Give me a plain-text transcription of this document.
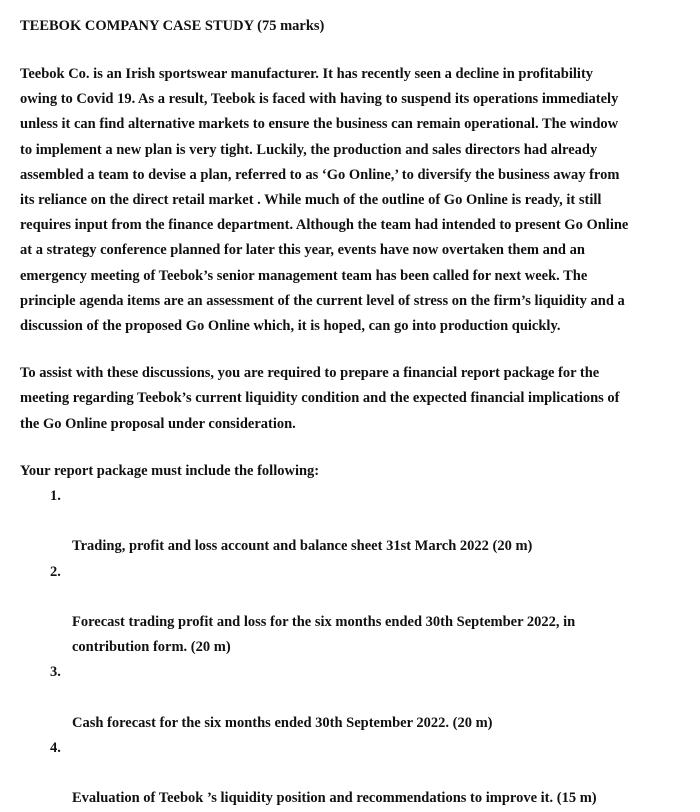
TEEBOK COMPANY CASE STUDY (75 marks)

Teebok Co. is an Irish sportswear manufacturer. It has recently seen a decline in profitability
owing to Covid 19. As a result, Teebok is faced with having to suspend its operations immediately
unless it can find alternative markets to ensure the business can remain operational. The window
to implement a new plan is very tight. Luckily, the production and sales directors had already
assembled a team to devise a plan, referred to as ‘Go Online,’ to diversify the business away from
its reliance on the direct retail market . While much of the outline of Go Online is ready, it still
requires input from the finance department. Although the team had intended to present Go Online
at a strategy conference planned for later this year, events have now overtaken them and an
emergency meeting of Teebok’s senior management team has been called for next week. The
principle agenda items are an assessment of the current level of stress on the firm’s liquidity and a
discussion of the proposed Go Online which, it is hoped, can go into production quickly.

To assist with these discussions, you are required to prepare a financial report package for the
meeting regarding Teebok’s current liquidity condition and the expected financial implications of
the Go Online proposal under consideration.

Your report package must include the following:

1.

Trading, profit and loss account and balance sheet 31st March 2022 (20 m)

2.

Forecast trading profit and loss for the six months ended 30th September 2022, in
contribution form. (20 m)

3.

Cash forecast for the six months ended 30th September 2022. (20 m)

4.

Evaluation of Teebok ’s liquidity position and recommendations to improve it. (15 m)
